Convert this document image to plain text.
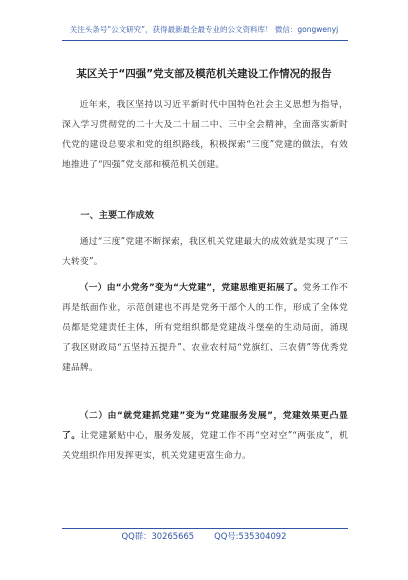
关注头条号“公文研究”，获得最新最全最专业的公文资料库！ 微信：gongwenyj
某区关于“四强”党支部及模范机关建设工作情况的报告
近年来，我区坚持以习近平新时代中国特色社会主义思想为指导，深入学习贯彻党的二十大及二十届二中、三中全会精神，全面落实新时代党的建设总要求和党的组织路线，积极探索“三度”党建的做法，有效地推进了“四强”党支部和模范机关创建。
一、主要工作成效
通过“三度”党建不断探索，我区机关党建最大的成效就是实现了“三大转变”。
（一）由“小党务”变为“大党建”，党建思维更拓展了。党务工作不再是纸面作业，示范创建也不再是党务干部个人的工作，形成了全体党员都是党建责任主体，所有党组织都是党建战斗堡垒的生动局面，涌现了我区财政局“五坚持五提升”、农业农村局“党旗红、三农倩”等优秀党建品牌。
（二）由“就党建抓党建”变为“党建服务发展”，党建效果更凸显了。让党建紧贴中心，服务发展，党建工作不再“空对空”“两张皮”，机关党组织作用发挥更实，机关党建更富生命力。
QQ群：30265665 QQ号:535304092
